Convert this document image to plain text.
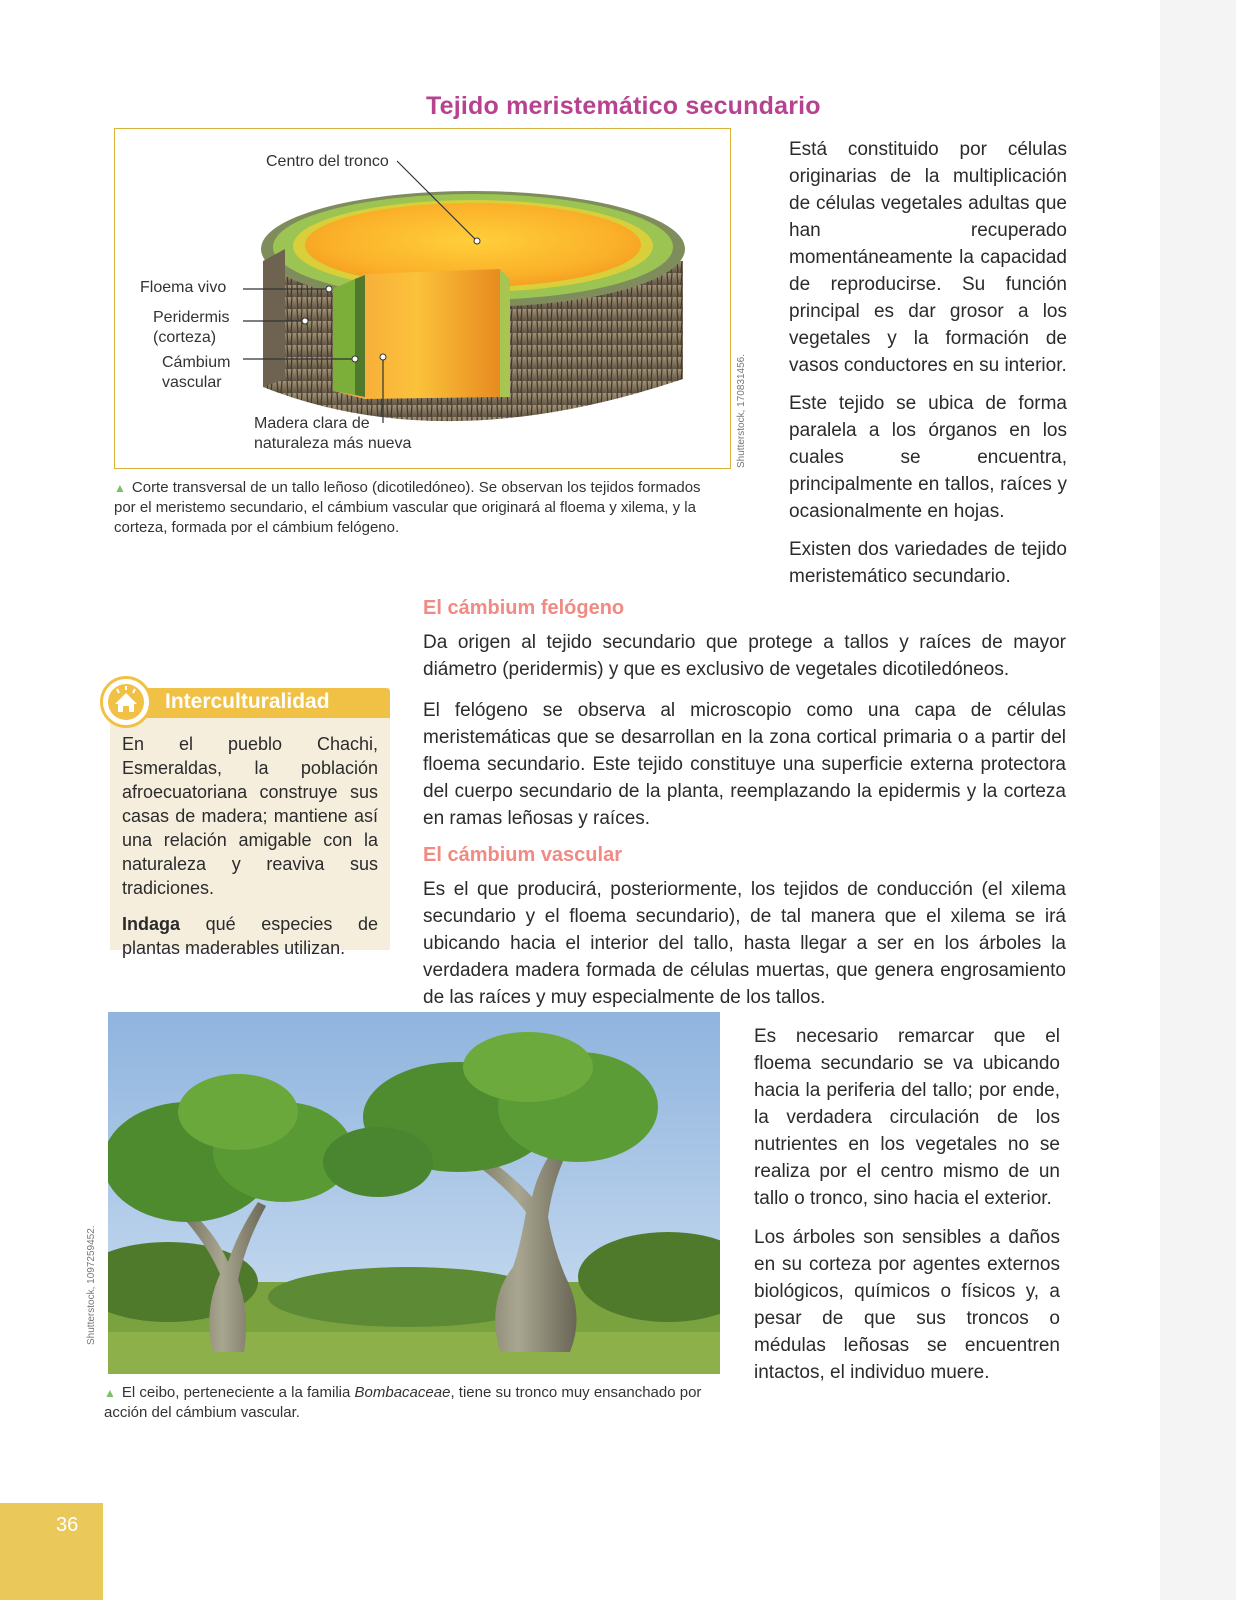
Tejido meristemático secundario
Centro del tronco
Floema vivo
Peridermis
(corteza)
Cámbium
vascular
Madera clara de
naturaleza más nueva	Shutterstock, 170831456.
▲ Corte transversal de un tallo leñoso (dicotiledóneo). Se observan los tejidos formados por el meristemo secundario, el cámbium vascular que originará al floema y xilema, y la corteza, formada por el cámbium felógeno.
Está constituido por células originarias de la multiplicación de células vegetales adultas que han recuperado momentáneamente la capacidad de reproducirse. Su función principal es dar grosor a los vegetales y la formación de vasos conductores en su interior.
Este tejido se ubica de forma paralela a los órganos en los cuales se encuentra, principalmente en tallos, raíces y ocasionalmente en hojas.
Existen dos variedades de tejido meristemático secundario.
El cámbium felógeno
Da origen al tejido secundario que protege a tallos y raíces de mayor diámetro (peridermis) y que es exclusivo de vegetales dicotiledóneos.
El felógeno se observa al microscopio como una capa de células meristemáticas que se desarrollan en la zona cortical primaria o a partir del floema secundario. Este tejido constituye una superficie externa protectora del cuerpo secundario de la planta, reemplazando la epidermis y la corteza en ramas leñosas y raíces.
El cámbium vascular
Es el que producirá, posteriormente, los tejidos de conducción (el xilema secundario y el floema secundario), de tal manera que el xilema se irá ubicando hacia el interior del tallo, hasta llegar a ser en los árboles la verdadera madera formada de células muertas, que genera engrosamiento de las raíces y muy especialmente de los tallos.
Interculturalidad

En el pueblo Chachi, Esmeraldas, la población afroecuatoriana construye sus casas de madera; mantiene así una relación amigable con la naturaleza y reaviva sus tradiciones.

Indaga qué especies de plantas maderables utilizan.

Shutterstock, 1097259452.
▲ El ceibo, perteneciente a la familia Bombacaceae, tiene su tronco muy ensanchado por acción del cámbium vascular.
Es necesario remarcar que el floema secundario se va ubicando hacia la periferia del tallo; por ende, la verdadera circulación de los nutrientes en los vegetales no se realiza por el centro mismo de un tallo o tronco, sino hacia el exterior.
Los árboles son sensibles a daños en su corteza por agentes externos biológicos, químicos o físicos y, a pesar de que sus troncos o médulas leñosas se encuentren intactos, el individuo muere.
36
